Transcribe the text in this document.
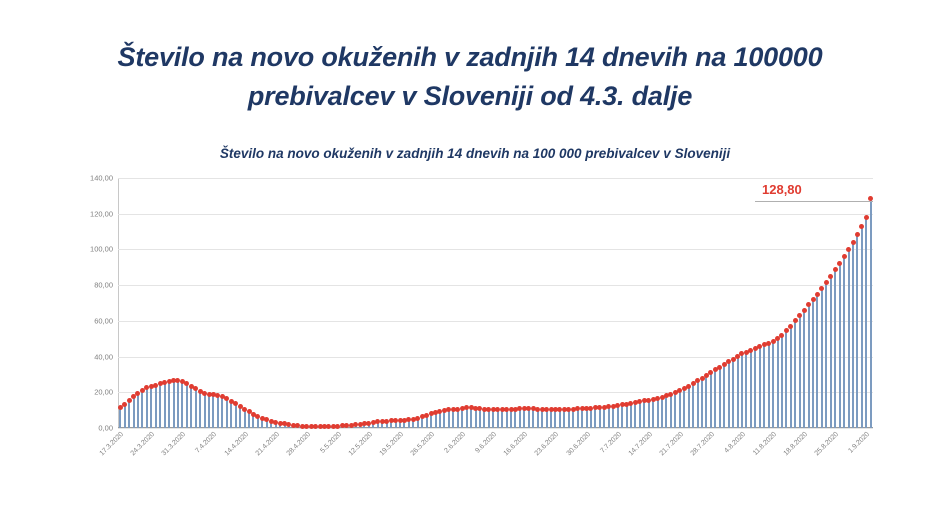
Število na novo okuženih v zadnjih 14 dnevih na 100000 prebivalcev v Sloveniji od 4.3. dalje
Število na novo okuženih v zadnjih 14 dnevih na 100 000 prebivalcev v Sloveniji
0,00
20,00
40,00
60,00
80,00
100,00
120,00
140,00
17.3.2020 24.3.2020 31.3.2020 7.4.2020 14.4.2020 21.4.2020 28.4.2020 5.5.2020 12.5.2020 19.5.2020 26.5.2020 2.6.2020 9.6.2020 16.6.2020 23.6.2020 30.6.2020 7.7.2020 14.7.2020 21.7.2020 28.7.2020 4.8.2020 11.8.2020 18.8.2020 25.8.2020 1.9.2020
128,80
